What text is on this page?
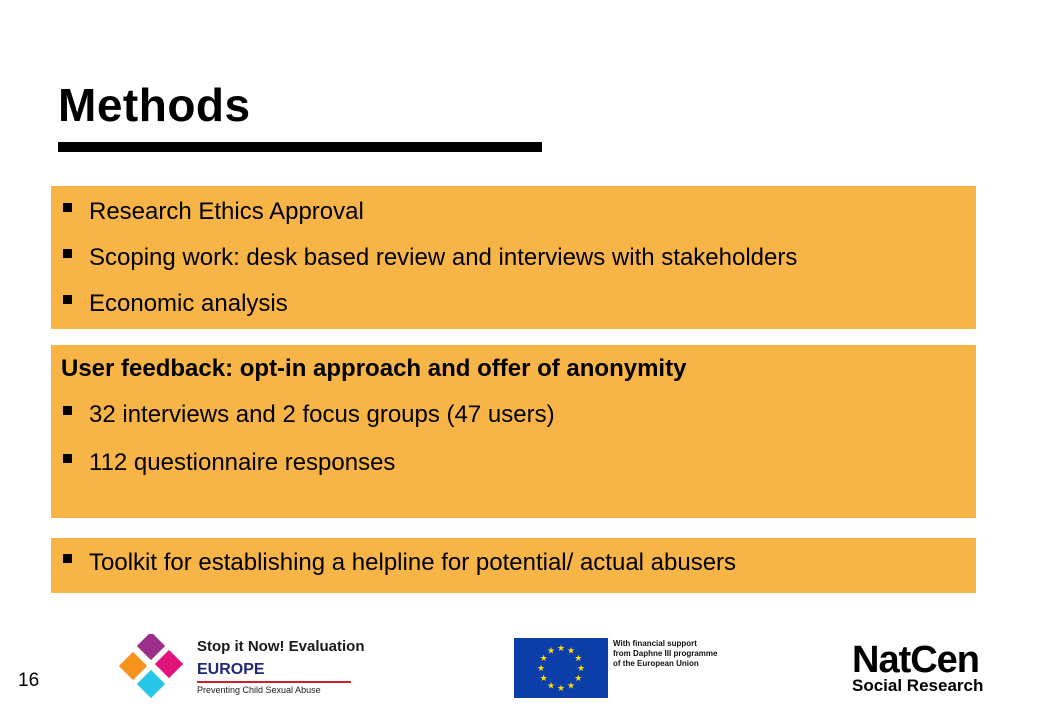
Methods
Research Ethics Approval
Scoping work: desk based review and interviews with stakeholders
Economic analysis
User feedback: opt-in approach and offer of anonymity
32 interviews and 2 focus groups (47 users)
112 questionnaire responses
Toolkit for establishing a helpline for potential/ actual abusers
16
Stop it Now! Evaluation
EUROPE
Preventing Child Sexual Abuse
★
★
★
★
★
★
★
★
★ ★ ★
★
With financial support
from Daphne III programme
of the European Union	NatCen
Social Research
